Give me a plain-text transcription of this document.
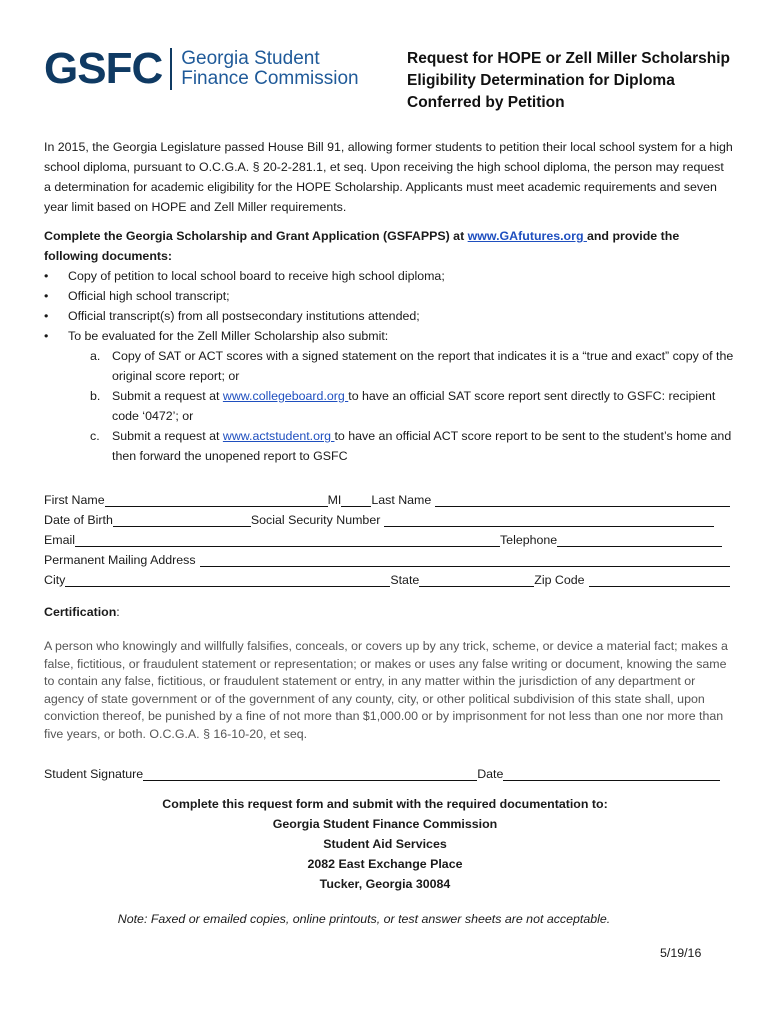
GSFC Georgia Student
Finance Commission
Request for HOPE or Zell Miller Scholarship Eligibility Determination for Diploma Conferred by Petition
In 2015, the Georgia Legislature passed House Bill 91, allowing former students to petition their local school system for a high school diploma, pursuant to O.C.G.A. § 20-2-281.1, et seq. Upon receiving the high school diploma, the person may request a determination for academic eligibility for the HOPE Scholarship. Applicants must meet academic requirements and seven year limit based on HOPE and Zell Miller requirements.
Complete the Georgia Scholarship and Grant Application (GSFAPPS) at www.GAfutures.org and provide the following documents:
• Copy of petition to local school board to receive high school diploma;
• Official high school transcript;
• Official transcript(s) from all postsecondary institutions attended;
• To be evaluated for the Zell Miller Scholarship also submit:
a. Copy of SAT or ACT scores with a signed statement on the report that indicates it is a “true and exact” copy of the original score report; or
b. Submit a request at www.collegeboard.org to have an official SAT score report sent directly to GSFC: recipient code ‘0472’; or
c. Submit a request at www.actstudent.org to have an official ACT score report to be sent to the student’s home and then forward the unopened report to GSFC
First Name	MI Last Name
Date of Birth	Social Security Number
Email	Telephone
Permanent Mailing Address
City	State	Zip Code
Certification:
A person who knowingly and willfully falsifies, conceals, or covers up by any trick, scheme, or device a material fact; makes a false, fictitious, or fraudulent statement or representation; or makes or uses any false writing or document, knowing the same to contain any false, fictitious, or fraudulent statement or entry, in any matter within the jurisdiction of any department or agency of state government or of the government of any county, city, or other political subdivision of this state shall, upon conviction thereof, be punished by a fine of not more than $1,000.00 or by imprisonment for not less than one nor more than five years, or both. O.C.G.A. § 16-10-20, et seq.
Student Signature	Date
Complete this request form and submit with the required documentation to:
Georgia Student Finance Commission
Student Aid Services
2082 East Exchange Place
Tucker, Georgia 30084
Note: Faxed or emailed copies, online printouts, or test answer sheets are not acceptable.
5/19/16
